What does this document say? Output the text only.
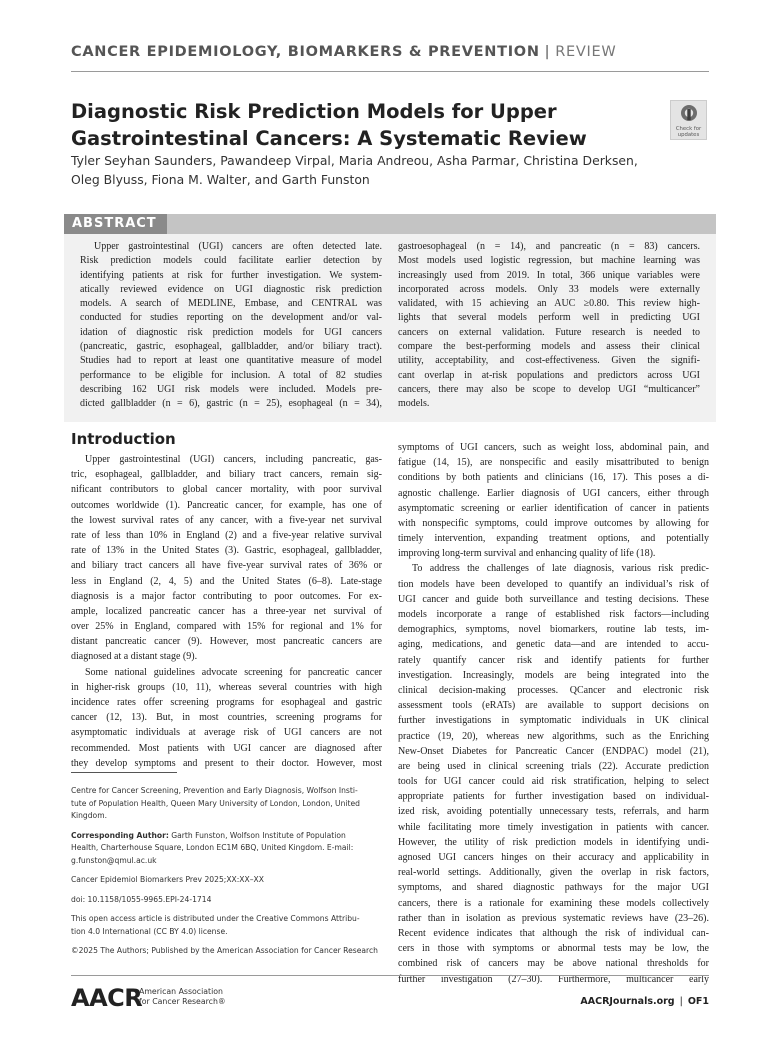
CANCER EPIDEMIOLOGY, BIOMARKERS & PREVENTION | REVIEW
Diagnostic Risk Prediction Models for Upper
Gastrointestinal Cancers: A Systematic Review
Tyler Seyhan Saunders, Pawandeep Virpal, Maria Andreou, Asha Parmar, Christina Derksen,
Oleg Blyuss, Fiona M. Walter, and Garth Funston
Check for
updates
ABSTRACT
Upper gastrointestinal (UGI) cancers are often detected late.
Risk prediction models could facilitate earlier detection by
identifying patients at risk for further investigation. We system-
atically reviewed evidence on UGI diagnostic risk prediction
models. A search of MEDLINE, Embase, and CENTRAL was
conducted for studies reporting on the development and/or val-
idation of diagnostic risk prediction models for UGI cancers
(pancreatic, gastric, esophageal, gallbladder, and/or biliary tract).
Studies had to report at least one quantitative measure of model
performance to be eligible for inclusion. A total of 82 studies
describing 162 UGI risk models were included. Models pre-
dicted gallbladder (n = 6), gastric (n = 25), esophageal (n = 34),
gastroesophageal (n = 14), and pancreatic (n = 83) cancers.
Most models used logistic regression, but machine learning was
increasingly used from 2019. In total, 366 unique variables were
incorporated across models. Only 33 models were externally
validated, with 15 achieving an AUC ≥0.80. This review high-
lights that several models perform well in predicting UGI
cancers on external validation. Future research is needed to
compare the best-performing models and assess their clinical
utility, acceptability, and cost-effectiveness. Given the signifi-
cant overlap in at-risk populations and predictors across UGI
cancers, there may also be scope to develop UGI “multicancer”
models.
Introduction
Upper gastrointestinal (UGI) cancers, including pancreatic, gas-
tric, esophageal, gallbladder, and biliary tract cancers, remain sig-
nificant contributors to global cancer mortality, with poor survival
outcomes worldwide (1). Pancreatic cancer, for example, has one of
the lowest survival rates of any cancer, with a five-year net survival
rate of less than 10% in England (2) and a five-year relative survival
rate of 13% in the United States (3). Gastric, esophageal, gallbladder,
and biliary tract cancers all have five-year survival rates of 36% or
less in England (2, 4, 5) and the United States (6–8). Late-stage
diagnosis is a major factor contributing to poor outcomes. For ex-
ample, localized pancreatic cancer has a three-year net survival of
over 25% in England, compared with 15% for regional and 1% for
distant pancreatic cancer (9). However, most pancreatic cancers are
diagnosed at a distant stage (9).
Some national guidelines advocate screening for pancreatic cancer
in higher-risk groups (10, 11), whereas several countries with high
incidence rates offer screening programs for esophageal and gastric
cancer (12, 13). But, in most countries, screening programs for
asymptomatic individuals at average risk of UGI cancers are not
recommended. Most patients with UGI cancer are diagnosed after
they develop symptoms and present to their doctor. However, most
symptoms of UGI cancers, such as weight loss, abdominal pain, and
fatigue (14, 15), are nonspecific and easily misattributed to benign
conditions by both patients and clinicians (16, 17). This poses a di-
agnostic challenge. Earlier diagnosis of UGI cancers, either through
asymptomatic screening or earlier identification of cancer in patients
with nonspecific symptoms, could improve outcomes by allowing for
timely intervention, expanding treatment options, and potentially
improving long-term survival and enhancing quality of life (18).
To address the challenges of late diagnosis, various risk predic-
tion models have been developed to quantify an individual’s risk of
UGI cancer and guide both surveillance and testing decisions. These
models incorporate a range of established risk factors—including
demographics, symptoms, novel biomarkers, routine lab tests, im-
aging, medications, and genetic data—and are intended to accu-
rately quantify cancer risk and identify patients for further
investigation. Increasingly, models are being integrated into the
clinical decision-making processes. QCancer and electronic risk
assessment tools (eRATs) are available to support decisions on
further investigations in symptomatic individuals in UK clinical
practice (19, 20), whereas new algorithms, such as the Enriching
New-Onset Diabetes for Pancreatic Cancer (ENDPAC) model (21),
are being used in clinical screening trials (22). Accurate prediction
tools for UGI cancer could aid risk stratification, helping to select
appropriate patients for further investigation based on individual-
ized risk, avoiding potentially unnecessary tests, referrals, and harm
while facilitating more timely investigation in patients with cancer.
However, the utility of risk prediction models in identifying undi-
agnosed UGI cancers hinges on their accuracy and applicability in
real-world settings. Additionally, given the overlap in risk factors,
symptoms, and shared diagnostic pathways for the major UGI
cancers, there is a rationale for examining these models collectively
rather than in isolation as previous systematic reviews have (23–26).
Recent evidence indicates that although the risk of individual can-
cers in those with symptoms or abnormal tests may be low, the
combined risk of cancers may be above national thresholds for
further investigation (27–30). Furthermore, multicancer early
Centre for Cancer Screening, Prevention and Early Diagnosis, Wolfson Insti-
tute of Population Health, Queen Mary University of London, London, United
Kingdom.
Corresponding Author: Garth Funston, Wolfson Institute of Population
Health, Charterhouse Square, London EC1M 6BQ, United Kingdom. E-mail:
g.funston@qmul.ac.uk
Cancer Epidemiol Biomarkers Prev 2025;XX:XX–XX
doi: 10.1158/1055-9965.EPI-24-1714
This open access article is distributed under the Creative Commons Attribu-
tion 4.0 International (CC BY 4.0) license.
©2025 The Authors; Published by the American Association for Cancer Research
AACR
American Association
for Cancer Research®	AACRJournals.org | OF1
